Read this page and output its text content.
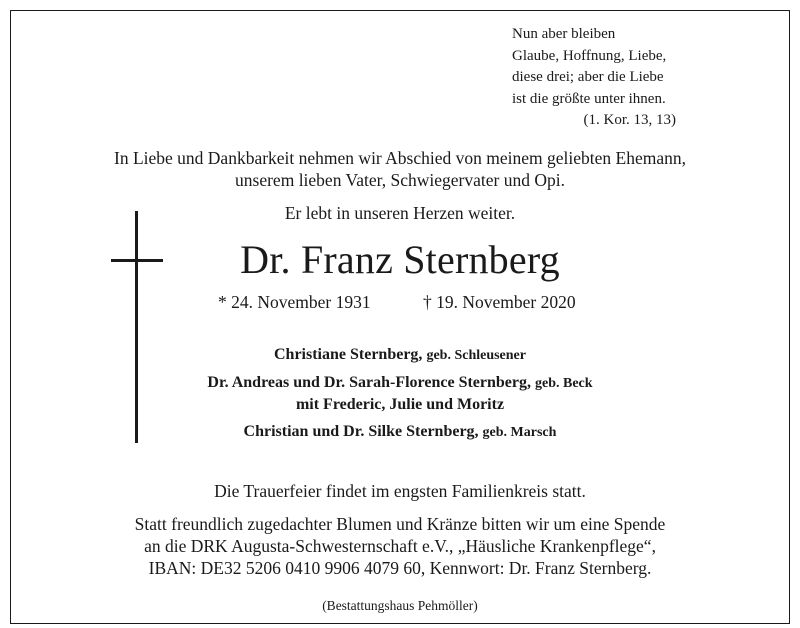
Nun aber bleiben
Glaube, Hoffnung, Liebe,
diese drei; aber die Liebe
ist die größte unter ihnen.
(1. Kor. 13, 13)
In Liebe und Dankbarkeit nehmen wir Abschied von meinem geliebten Ehemann,
unserem lieben Vater, Schwiegervater und Opi.
Er lebt in unseren Herzen weiter.
Dr. Franz Sternberg
* 24. November 1931	† 19. November 2020
Christiane Sternberg, geb. Schleusener
Dr. Andreas und Dr. Sarah-Florence Sternberg, geb. Beck
mit Frederic, Julie und Moritz
Christian und Dr. Silke Sternberg, geb. Marsch
Die Trauerfeier findet im engsten Familienkreis statt.
Statt freundlich zugedachter Blumen und Kränze bitten wir um eine Spende
an die DRK Augusta-Schwesternschaft e.V., „Häusliche Krankenpflege“,
IBAN: DE32 5206 0410 9906 4079 60, Kennwort: Dr. Franz Sternberg.
(Bestattungshaus Pehmöller)
